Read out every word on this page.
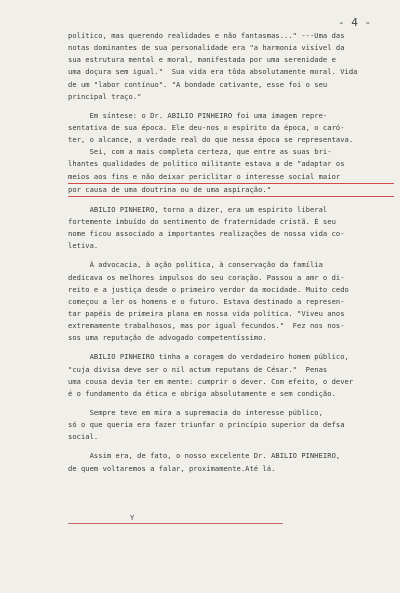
- 4 -
político, mas querendo realidades e não fantasmas..." ---Uma das
notas dominantes de sua personalidade era "a harmonia visível da
sua estrutura mental e moral, manifestada por uma serenidade e
uma doçura sem igual."  Sua vida era tôda absolutamente moral. Vida
de um "labor contínuo". "A bondade cativante, esse foi o seu
principal traço."
Em síntese: o Dr. ABILIO PINHEIRO foi uma imagem repre-
sentativa de sua época. Ele deu-nos o espírito da época, o caró-
ter, o alcance, a verdade real do que nessa época se representava.
Sei, com a mais completa certeza, que entre as suas bri-
lhantes qualidades de político militante estava a de "adaptar os
meios aos fins e não deixar periclitar o interesse social maior
por causa de uma doutrina ou de uma aspiração."
ABILIO PINHEIRO, torno a dizer, era um espírito liberal
fortemente imbuído do sentimento de fraternidade cristã. É seu
nome ficou associado a importantes realizações de nossa vida co-
letiva.
À advocacia, à ação política, à conservação da família
dedicava os melhores impulsos do seu coração. Passou a amr o di-
reito e a justiça desde o primeiro verdor da mocidade. Muito cedo
começou a ler os homens e o futuro. Estava destinado a represen-
tar papéis de primeira plana em nossa vida política. "Viveu anos
extremamente trabalhosos, mas por igual fecundos."  Fez nos nos-
sos uma reputação de advogado competentíssimo.
ABILIO PINHEIRO tinha a coragem do verdadeiro homem público,
"cuja divisa deve ser o nil actum reputans de César."  Penas
uma cousa devia ter em mente: cumprir o dever. Com efeito, o dever
é o fundamento da ética e obriga absolutamente e sem condição.
Sempre teve em mira a supremacia do interesse público,
só o que queria era fazer triunfar o princípio superior da defsa
social.
Assim era, de fato, o nosso excelente Dr. ABILIO PINHEIRO,
de quem voltaremos a falar, proximamente.Até lá.
Y
